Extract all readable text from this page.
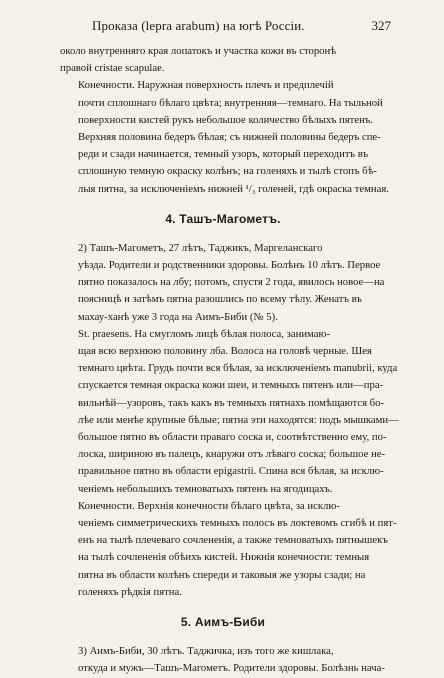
Проказа (lepra arabum) на югѣ Россiи.	327

около внутренняго края лопатокъ и участка кожи въ сторонѣ
правой cristae scapulae.

Конечности. Наружная поверхность плечъ и предплечiй
почти сплошнаго бѣлаго цвѣта; внутренняя—темнаго. На тыльной
поверхности кистей рукъ небольшое количество бѣлыхъ пятенъ.
Верхняя половина бедеръ бѣлая; съ нижней половины бедеръ спе-
реди и сзади начинается, темный узоръ, который переходитъ въ
сплошную темную окраску колѣнъ; на голеняхъ и тылѣ стопъ бѣ-
лыя пятна, за исключенiемъ нижней ¹/₃ голеней, гдѣ окраска темная.

4. Ташъ-Магометъ.

2) Ташъ-Магометъ, 27 лѣтъ, Таджикъ, Маргеланскаго
уѣзда. Родители и родственники здоровы. Болѣнъ 10 лѣтъ. Первое
пятно показалось на лбу; потомъ, спустя 2 года, явилось новое—на
поясницѣ и затѣмъ пятна разошлись по всему тѣлу. Женатъ въ
махау-ханѣ уже 3 года на Аимъ-Биби (№ 5).

St. praesens. На смугломъ лицѣ бѣлая полоса, занимаю-
щая всю верхнюю половину лба. Волоса на головѣ черные. Шея
темнаго цвѣта. Грудь почти вся бѣлая, за исключенiемъ manubrii, куда
спускается темная окраска кожи шеи, и темныхъ пятенъ или—пра-
вильнѣй—узоровъ, такъ какъ въ темныхъ пятнахъ помѣщаются бо-
лѣе или менѣе крупные бѣлые; пятна эти находятся: подъ мышками—
большое пятно въ области праваго соска и, соотвѣтственно ему, по-
лоска, шириною въ палецъ, кнаружи отъ лѣваго соска; большое не-
правильное пятно въ области epigastrii. Спина вся бѣлая, за исклю-
ченiемъ небольшихъ темноватыхъ пятенъ на ягодицахъ.

Конечности. Верхнiя конечности бѣлаго цвѣта, за исклю-
ченiемъ симметрическихъ темныхъ полосъ въ локтевомъ сгибѣ и пят-
енъ на тылѣ плечеваго сочлененiя, а также темноватыхъ пятнышекъ
на тылѣ сочлененiя обѣихъ кистей. Нижнiя конечности: темныя
пятна въ области колѣнъ спереди и таковыя же узоры сзади; на
голеняхъ рѣдкiя пятна.

5. Аимъ-Биби

3) Аимъ-Биби, 30 лѣтъ. Таджичка, изъ того же кишлака,
откуда и мужъ—Ташъ-Магометъ. Родители здоровы. Болѣзнь нача-
